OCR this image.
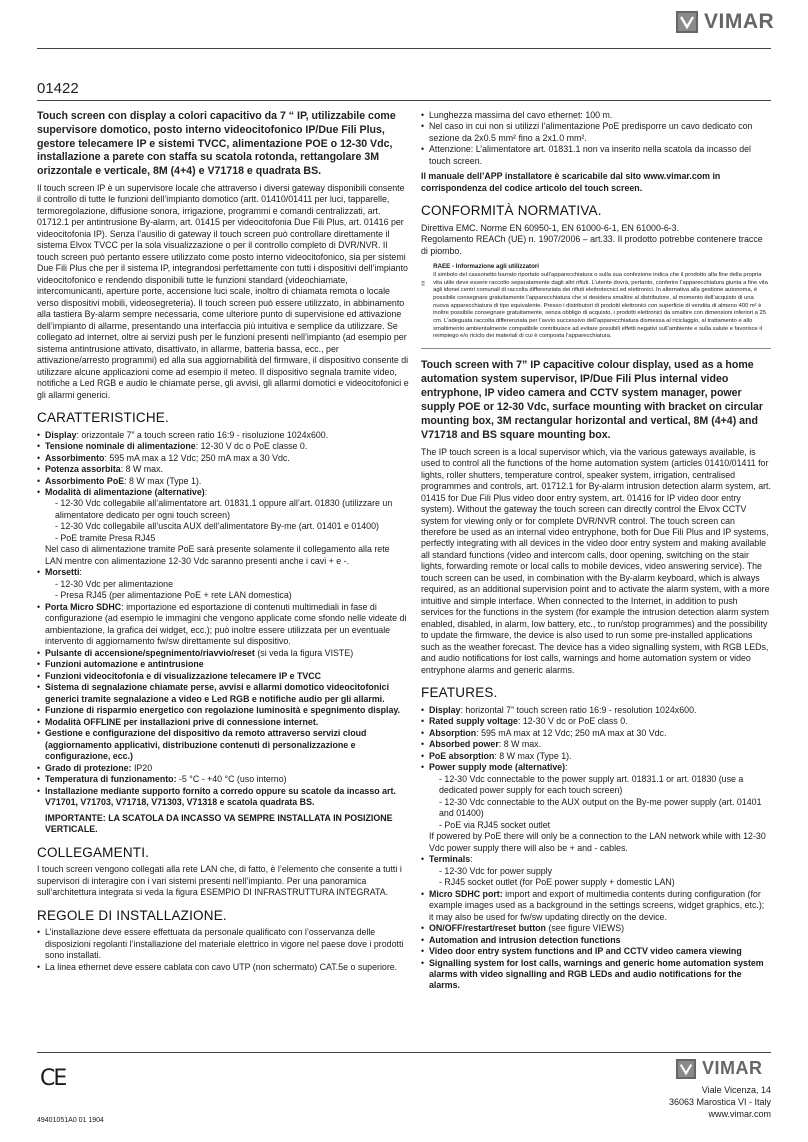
VIMAR
01422

Touch screen con display a colori capacitivo da 7 “ IP, utilizzabile come supervisore domotico, posto interno videocitofonico IP/Due Fili Plus, gestore telecamere IP e sistemi TVCC, alimentazione POE o 12-30 Vdc, installazione a parete con staffa su scatola rotonda, rettangolare 3M orizzontale e verticale, 8M (4+4) e V71718 e quadrata BS.

Il touch screen IP è un supervisore locale che attraverso i diversi gateway disponibili consente il controllo di tutte le funzioni dell’impianto domotico (artt. 01410/01411 per luci, tapparelle, termoregolazione, diffusione sonora, irrigazione, programmi e comandi centralizzati, art. 01712.1 per antintrusione By-alarm, art. 01415 per videocitofonia Due Fili Plus, art. 01416 per videocitofonia IP). Senza l’ausilio di gateway il touch screen può controllare direttamente il sistema Elvox TVCC per la sola visualizzazione o per il controllo completo di DVR/NVR. Il touch screen può pertanto essere utilizzato come posto interno videocitofonico, sia per sistemi Due Fili Plus che per il sistema IP, integrandosi perfettamente con tutti i dispositivi dell’impianto videocitofonico e rendendo disponibili tutte le funzioni standard (videochiamate, intercomunicanti, aperture porte, accensione luci scale, inoltro di chiamata remota o locale verso dispositivi mobili, videosegreteria). Il touch screen può essere utilizzato, in abbinamento alla tastiera By-alarm sempre necessaria, come ulteriore punto di supervisione ed attivazione dell’impianto di allarme, presentando una interfaccia più intuitiva e semplice da utilizzare. Se collegato ad internet, oltre ai servizi push per le funzioni presenti nell’impianto (ad esempio per sistema antintrusione attivato, disattivato, in allarme, batteria bassa, ecc., per attivazione/arresto programmi) ed alla sua aggiornabilità del firmware, il dispositivo consente di utilizzare alcune applicazioni come ad esempio il meteo. Il dispositivo segnala tramite video, notifiche a Led RGB e audio le chiamate perse, gli avvisi, gli allarmi domotici e videocitofonici e gli allarmi generici.

CARATTERISTICHE.
• Display: orizzontale 7” a touch screen ratio 16:9 - risoluzione 1024x600.
• Tensione nominale di alimentazione: 12-30 V dc o PoE classe 0.
• Assorbimento: 595 mA max a 12 Vdc; 250 mA max a 30 Vdc.
• Potenza assorbita: 8 W max.
• Assorbimento PoE: 8 W max (Type 1).
• Modalità di alimentazione (alternative):
- 12-30 Vdc collegabile all’alimentatore art. 01831.1 oppure all’art. 01830 (utilizzare un alimentatore dedicato per ogni touch screen)
- 12-30 Vdc collegabile all’uscita AUX dell’alimentatore By-me (art. 01401 e 01400)
- PoE tramite Presa RJ45
Nel caso di alimentazione tramite PoE sarà presente solamente il collegamento alla rete LAN mentre con alimentazione 12-30 Vdc saranno presenti anche i cavi + e -.
• Morsetti:
- 12-30 Vdc per alimentazione
- Presa RJ45 (per alimentazione PoE + rete LAN domestica)
• Porta Micro SDHC: importazione ed esportazione di contenuti multimediali in fase di configurazione (ad esempio le immagini che vengono applicate come sfondo nelle videate di ambientazione, la grafica dei widget, ecc.); può inoltre essere utilizzata per un eventuale intervento di aggiornamento fw/sw direttamente sul dispositivo.
• Pulsante di accensione/spegnimento/riavvio/reset (si veda la figura VISTE)
• Funzioni automazione e antintrusione
• Funzioni videocitofonia e di visualizzazione telecamere IP e TVCC
• Sistema di segnalazione chiamate perse, avvisi e allarmi domotico videocitofonici generici tramite segnalazione a video e Led RGB e notifiche audio per gli allarmi.
• Funzione di risparmio energetico con regolazione luminosità e spegnimento display.
• Modalità OFFLINE per installazioni prive di connessione internet.
• Gestione e configurazione del dispositivo da remoto attraverso servizi cloud (aggiornamento applicativi, distribuzione contenuti di personalizzazione e configurazione, ecc.)
• Grado di protezione: IP20
• Temperatura di funzionamento: -5 °C - +40 °C (uso interno)
• Installazione mediante supporto fornito a corredo oppure su scatole da incasso art. V71701, V71703, V71718, V71303, V71318 e scatola quadrata BS.
IMPORTANTE: LA SCATOLA DA INCASSO VA SEMPRE INSTALLATA IN POSIZIONE VERTICALE.
COLLEGAMENTI.

I touch screen vengono collegati alla rete LAN che, di fatto, è l’elemento che consente a tutti i supervisori di interagire con i vari sistemi presenti nell’impianto. Per una panoramica sull’architettura integrata si veda la figura ESEMPIO DI INFRASTRUTTURA INTEGRATA.

REGOLE DI INSTALLAZIONE.
• L’installazione deve essere effettuata da personale qualificato con l’osservanza delle disposizioni regolanti l’installazione del materiale elettrico in vigore nel paese dove i prodotti sono installati.
• La linea ethernet deve essere cablata con cavo UTP (non schermato) CAT.5e o superiore.
• Lunghezza massima del cavo ethernet: 100 m.
• Nel caso in cui non si utilizzi l’alimentazione PoE predisporre un cavo dedicato con sezione da 2x0.5 mm² fino a 2x1.0 mm².
• Attenzione: L’alimentatore art. 01831.1 non va inserito nella scatola da incasso del touch screen.

Il manuale dell’APP installatore è scaricabile dal sito www.vimar.com in corrispondenza del codice articolo del touch screen.

CONFORMITÀ NORMATIVA.

Direttiva EMC. Norme EN 60950-1, EN 61000-6-1, EN 61000-6-3.

Regolamento REACh (UE) n. 1907/2006 – art.33. Il prodotto potrebbe contenere tracce di piombo.

RAEE - Informazione agli utilizzatori
Il simbolo del cassonetto barrato riportato sull’apparecchiatura o sulla sua confezione indica che il prodotto alla fine della propria vita utile deve essere raccolto separatamente dagli altri rifiuti. L’utente dovrà, pertanto, conferire l’apparecchiatura giunta a fine vita agli idonei centri comunali di raccolta differenziata dei rifiuti elettrotecnici ed elettronici. In alternativa alla gestione autonoma, è possibile consegnare gratuitamente l’apparecchiatura che si desidera smaltire al distributore, al momento dell’acquisto di una nuova apparecchiatura di tipo equivalente. Presso i distributori di prodotti elettronici con superficie di vendita di almeno 400 m² è inoltre possibile consegnare gratuitamente, senza obbligo di acquisto, i prodotti elettronici da smaltire con dimensioni inferiori a 25 cm. L’adeguata raccolta differenziata per l’avvio successivo dell’apparecchiatura dismessa al riciclaggio, al trattamento e allo smaltimento ambientalmente compatibile contribuisce ad evitare possibili effetti negativi sull’ambiente e sulla salute e favorisce il reimpiego e/o riciclo dei materiali di cui è composta l’apparecchiatura.

Touch screen with 7” IP capacitive colour display, used as a home automation system supervisor, IP/Due Fili Plus internal video entryphone, IP video camera and CCTV system manager, power supply POE or 12-30 Vdc, surface mounting with bracket on circular mounting box, 3M rectangular horizontal and vertical, 8M (4+4) and V71718 and BS square mounting box.

The IP touch screen is a local supervisor which, via the various gateways available, is used to control all the functions of the home automation system (articles 01410/01411 for lights, roller shutters, temperature control, speaker system, irrigation, centralised programmes and controls, art. 01712.1 for By-alarm intrusion detection alarm system, art. 01415 for Due Fili Plus video door entry system, art. 01416 for IP video door entry system). Without the gateway the touch screen can directly control the Elvox CCTV system for viewing only or for complete DVR/NVR control. The touch screen can therefore be used as an internal video entryphone, both for Due Fili Plus and IP systems, perfectly integrating with all devices in the video door entry system and making available all standard functions (video and intercom calls, door opening, switching on the stair lights, forwarding remote or local calls to mobile devices, video answering service). The touch screen can be used, in combination with the By-alarm keyboard, which is always required, as an additional supervision point and to activate the alarm system, with a more intuitive and simple interface. When connected to the Internet, in addition to push services for the functions in the system (for example the intrusion detection alarm system enabled, disabled, in alarm, low battery, etc., to run/stop programmes) and the possibility to update the firmware, the device is also used to run some pre-installed applications such as the weather forecast. The device has a video signalling system, with RGB LEDs, and audio notifications for lost calls, warnings and home automation system or video entryphone alarms and generic alarms.

FEATURES.
• Display: horizontal 7” touch screen ratio 16:9 - resolution 1024x600.
• Rated supply voltage: 12-30 V dc or PoE class 0.
• Absorption: 595 mA max at 12 Vdc; 250 mA max at 30 Vdc.
• Absorbed power: 8 W max.
• PoE absorption: 8 W max (Type 1).
• Power supply mode (alternative):
- 12-30 Vdc connectable to the power supply art. 01831.1 or art. 01830 (use a dedicated power supply for each touch screen)
- 12-30 Vdc connectable to the AUX output on the By-me power supply (art. 01401 and 01400)
- PoE via RJ45 socket outlet
If powered by PoE there will only be a connection to the LAN network while with 12-30 Vdc power supply there will also be + and - cables.
• Terminals:
- 12-30 Vdc for power supply
- RJ45 socket outlet (for PoE power supply + domestic LAN)
• Micro SDHC port: import and export of multimedia contents during configuration (for example images used as a background in the settings screens, widget graphics, etc.); it may also be used for fw/sw updating directly on the device.
• ON/OFF/restart/reset button (see figure VIEWS)
• Automation and intrusion detection functions
• Video door entry system functions and IP and CCTV video camera viewing
• Signalling system for lost calls, warnings and generic home automation system alarms with video signalling and RGB LEDs and audio notifications for the alarms.
CE
49401051A0 01 1904
VIMAR
Viale Vicenza, 14
36063 Marostica VI - Italy
www.vimar.com
